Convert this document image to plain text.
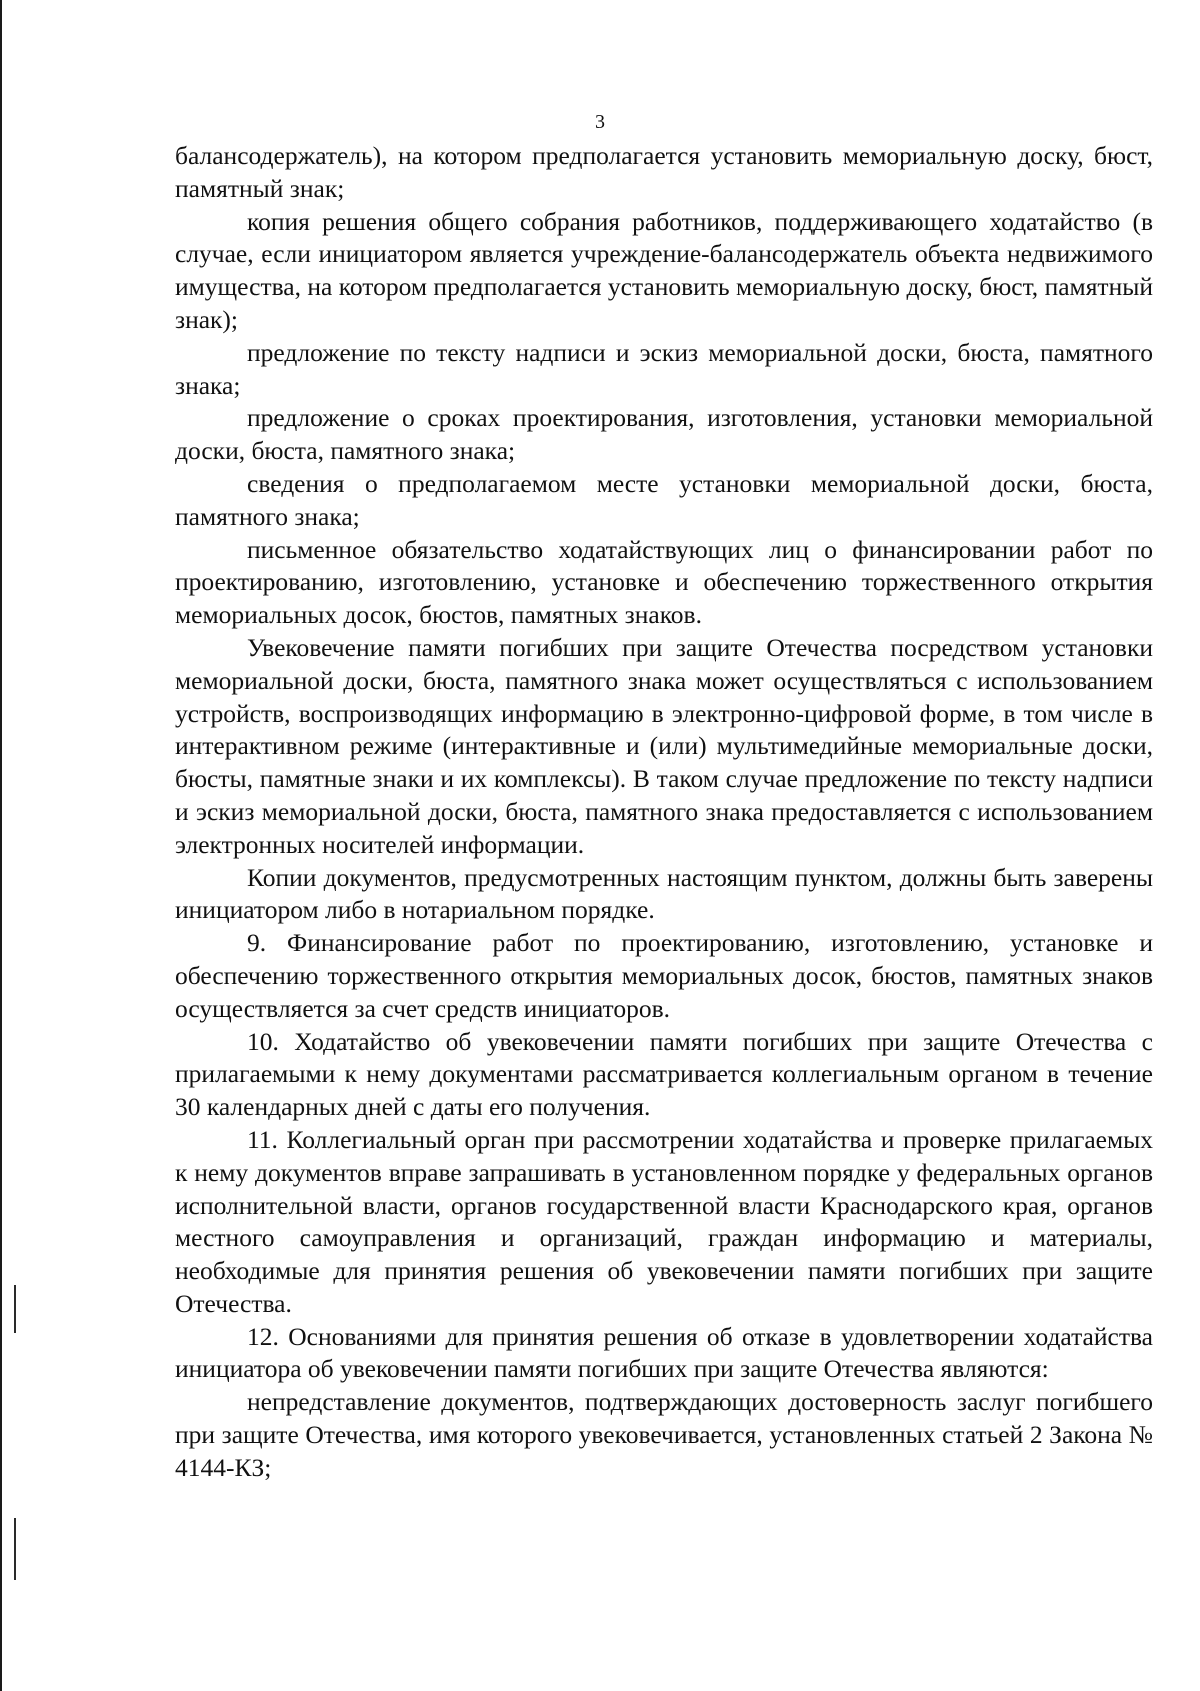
3

балансодержатель), на котором предполагается установить мемориальную доску, бюст, памятный знак;

копия решения общего собрания работников, поддерживающего ходатайство (в случае, если инициатором является учреждение-балансодержатель объекта недвижимого имущества, на котором предполагается установить мемориальную доску, бюст, памятный знак);

предложение по тексту надписи и эскиз мемориальной доски, бюста, памятного знака;

предложение о сроках проектирования, изготовления, установки мемориальной доски, бюста, памятного знака;

сведения о предполагаемом месте установки мемориальной доски, бюста, памятного знака;

письменное обязательство ходатайствующих лиц о финансировании работ по проектированию, изготовлению, установке и обеспечению торжественного открытия мемориальных досок, бюстов, памятных знаков.

Увековечение памяти погибших при защите Отечества посредством установки мемориальной доски, бюста, памятного знака может осуществляться с использованием устройств, воспроизводящих информацию в электронно-цифровой форме, в том числе в интерактивном режиме (интерактивные и (или) мультимедийные мемориальные доски, бюсты, памятные знаки и их комплексы). В таком случае предложение по тексту надписи и эскиз мемориальной доски, бюста, памятного знака предоставляется с использованием электронных носителей информации.

Копии документов, предусмотренных настоящим пунктом, должны быть заверены инициатором либо в нотариальном порядке.

9. Финансирование работ по проектированию, изготовлению, установке и обеспечению торжественного открытия мемориальных досок, бюстов, памятных знаков осуществляется за счет средств инициаторов.

10. Ходатайство об увековечении памяти погибших при защите Отечества с прилагаемыми к нему документами рассматривается коллегиальным органом в течение 30 календарных дней с даты его получения.

11. Коллегиальный орган при рассмотрении ходатайства и проверке прилагаемых к нему документов вправе запрашивать в установленном порядке у федеральных органов исполнительной власти, органов государственной власти Краснодарского края, органов местного самоуправления и организаций, граждан информацию и материалы, необходимые для принятия решения об увековечении памяти погибших при защите Отечества.

12. Основаниями для принятия решения об отказе в удовлетворении ходатайства инициатора об увековечении памяти погибших при защите Отечества являются:

непредставление документов, подтверждающих достоверность заслуг погибшего при защите Отечества, имя которого увековечивается, установленных статьей 2 Закона № 4144-КЗ;
